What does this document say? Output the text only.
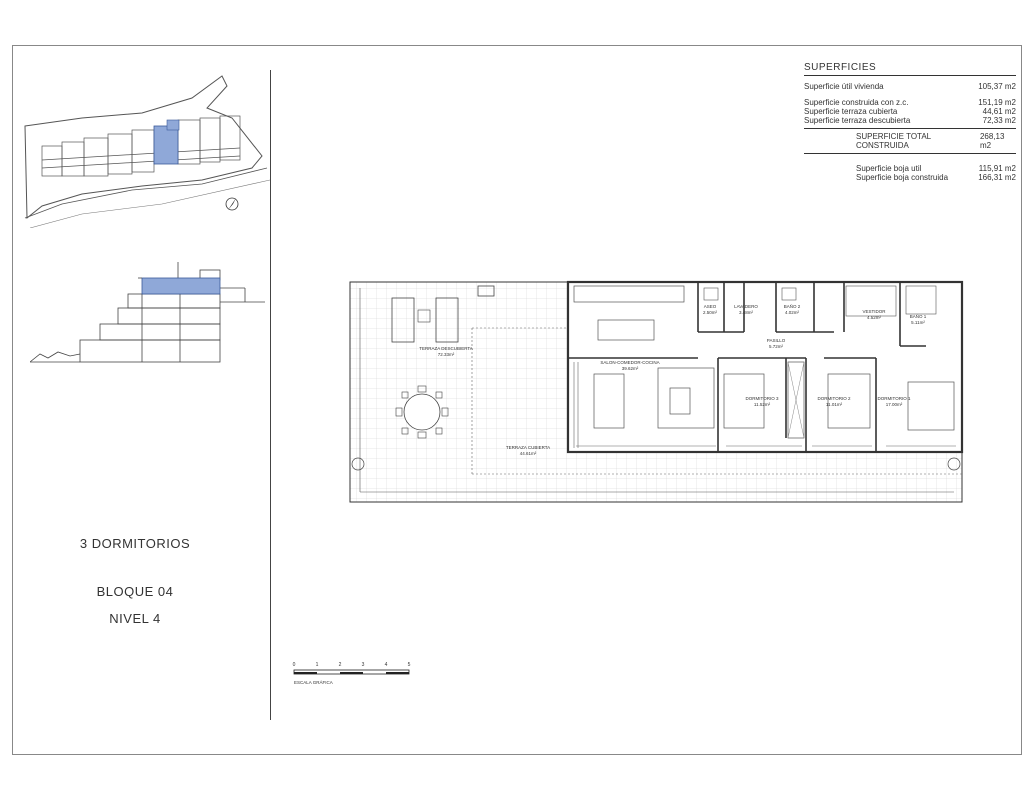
3 DORMITORIOS
BLOQUE 04
NIVEL 4
SUPERFICIES
Superficie útil vivienda	105,37 m2
Superficie construida con z.c.	151,19 m2
Superficie terraza cubierta	44,61 m2
Superficie terraza descubierta	72,33 m2
SUPERFICIE TOTAL CONSTRUIDA
268,13 m2
Superficie boja util	115,91 m2
Superficie boja construida	166,31 m2
TERRAZA DESCUBIERTA
72.33m²
TERRAZA CUBIERTA
44.61m²
SALON-COMEDOR-COCINA
39.62m²
ASEO
2.50m²
LAVADERO
3.48m²
BAÑO 2
4.02m²	VESTIDOR
4.52m²	BAÑO 1
5.11m²
PASILLO
5.72m²
DORMITORIO 3
11.52m²
DORMITORIO 2
11.01m²
DORMITORIO 1
17.00m²
0	1	2	3	4	5
ESCALA GRÁFICA
